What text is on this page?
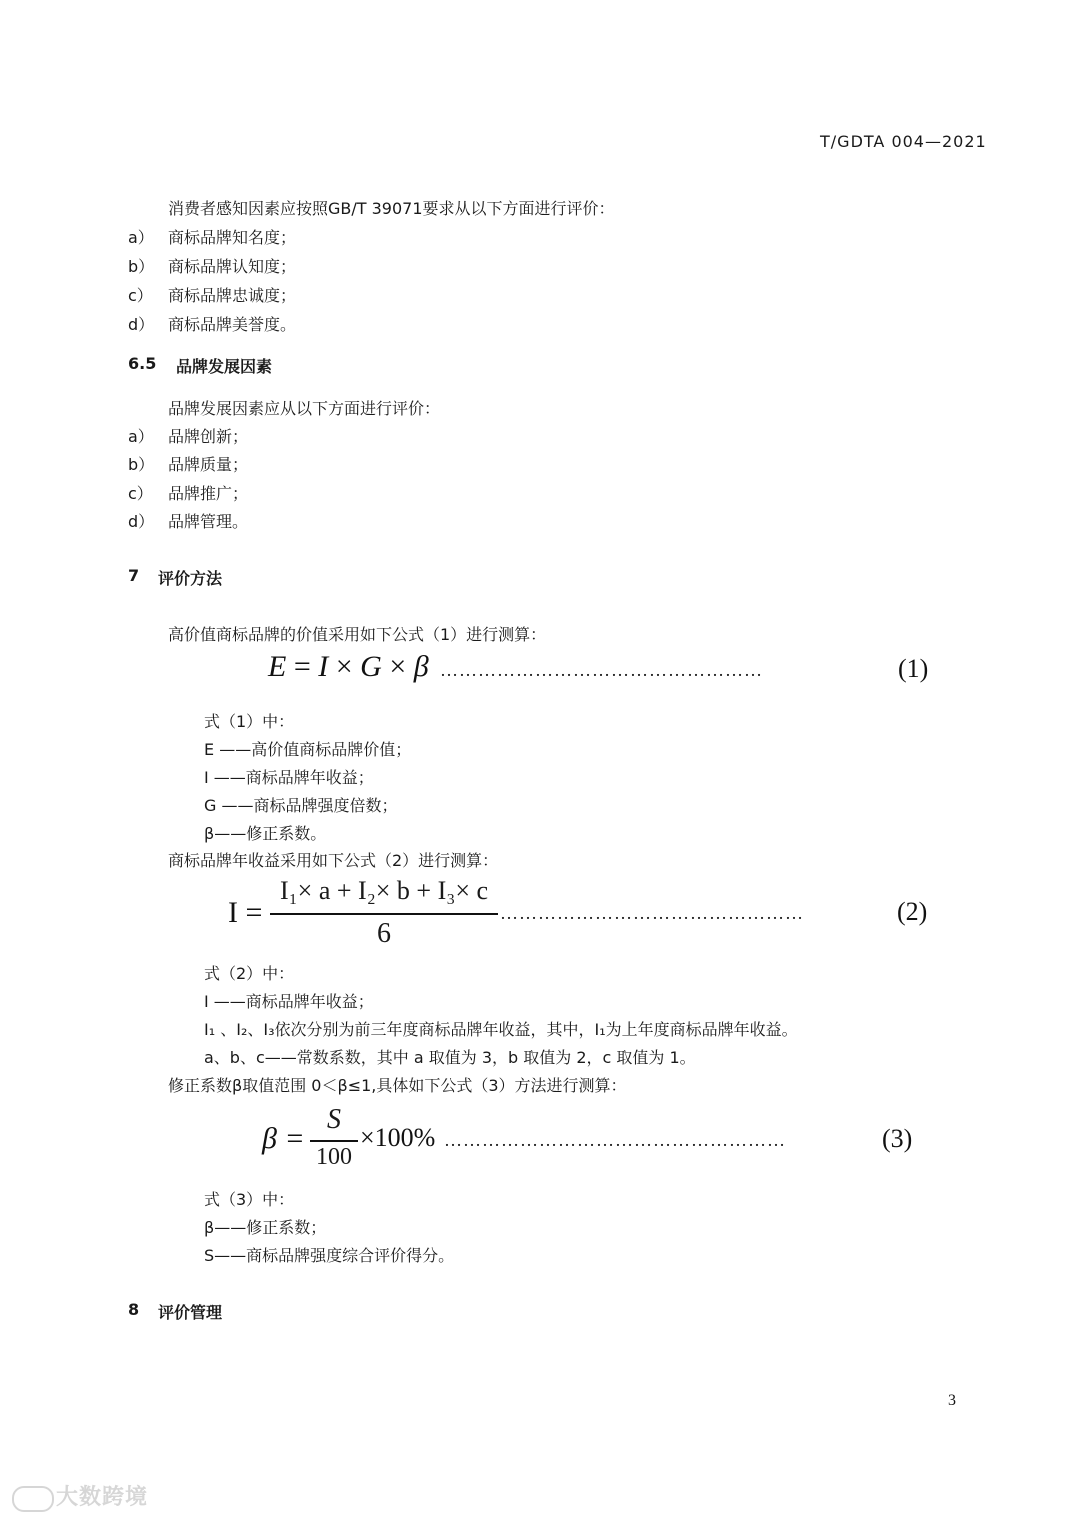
T/GDTA 004—2021
消费者感知因素应按照GB/T 39071要求从以下方面进行评价：
a） 商标品牌知名度；
b） 商标品牌认知度；
c） 商标品牌忠诚度；
d） 商标品牌美誉度。
6.5 品牌发展因素
品牌发展因素应从以下方面进行评价：
a） 品牌创新；
b） 品牌质量；
c） 品牌推广；
d） 品牌管理。
7 评价方法
高价值商标品牌的价值采用如下公式（1）进行测算：
E = I × G × β ……………………………………………	(1)
式（1）中：
E ——高价值商标品牌价值；
I ——商标品牌年收益；
G ——商标品牌强度倍数；
β——修正系数。
商标品牌年收益采用如下公式（2）进行测算：
I =
I₁× a + I₂× b + I₃× c
6
…………………………………………	(2)
式（2）中：
I ——商标品牌年收益；
I₁ 、I₂、I₃依次分别为前三年度商标品牌年收益，其中，I₁为上年度商标品牌年收益。
a、b、c——常数系数，其中 a 取值为 3，b 取值为 2，c 取值为 1。
修正系数β取值范围 0＜β≤1,具体如下公式（3）方法进行测算：
β =
S
100
×100% ………………………………………………	(3)
式（3）中：
β——修正系数；
S——商标品牌强度综合评价得分。
8 评价管理
3
大数跨境
